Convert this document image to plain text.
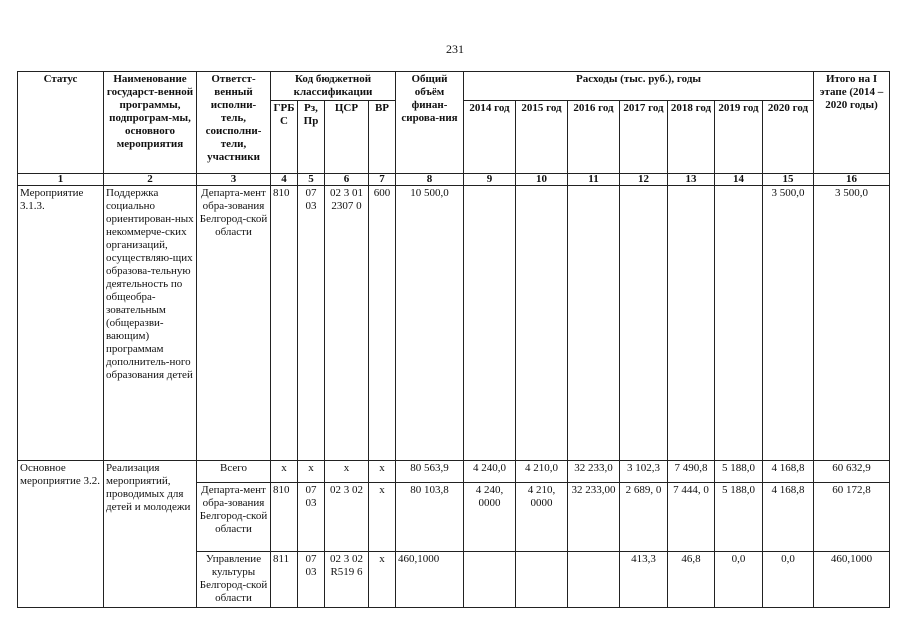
231
Статус	Наименование государст-венной программы, подпрограм-мы, основного мероприятия	Ответст-венный исполни-тель, соисполни-тели, участники	Код бюджетной классификации				Общий объём финан-сирова-ния	Расходы (тыс. руб.), годы							Итого на I этапе (2014 – 2020 годы)
			ГРБ С	Рз, Пр	ЦСР	ВР		2014 год	2015 год	2016 год	2017 год	2018 год	2019 год	2020 год	
1	2	3	4	5	6	7	8	9	10	11	12	13	14	15	16
Мероприятие 3.1.3.	Поддержка социально ориентирован-ных некоммерче-ских организаций, осуществляю-щих образова-тельную деятельность по общеобра-зовательным (общеразви-вающим) программам дополнитель-ного образования детей	Департа-мент обра-зования Белгород-ской области	810	07 03	02 3 01 2307 0	600	10 500,0							3 500,0	3 500,0
Основное мероприятие 3.2.	Реализация мероприятий, проводимых для детей и молодежи	Всего	х	х	х	х	80 563,9	4 240,0	4 210,0	32 233,0	3 102,3	7 490,8	5 188,0	4 168,8	60 632,9
		Департа-мент обра-зования Белгород-ской области	810	07 03	02 3 02	х	80 103,8	4 240, 0000	4 210, 0000	32 233,00	2 689, 0	7 444, 0	5 188,0	4 168,8	60 172,8
		Управление культуры Белгород-ской области	811	07 03	02 3 02 R519 6	х	460,1000				413,3	46,8	0,0	0,0	460,1000
